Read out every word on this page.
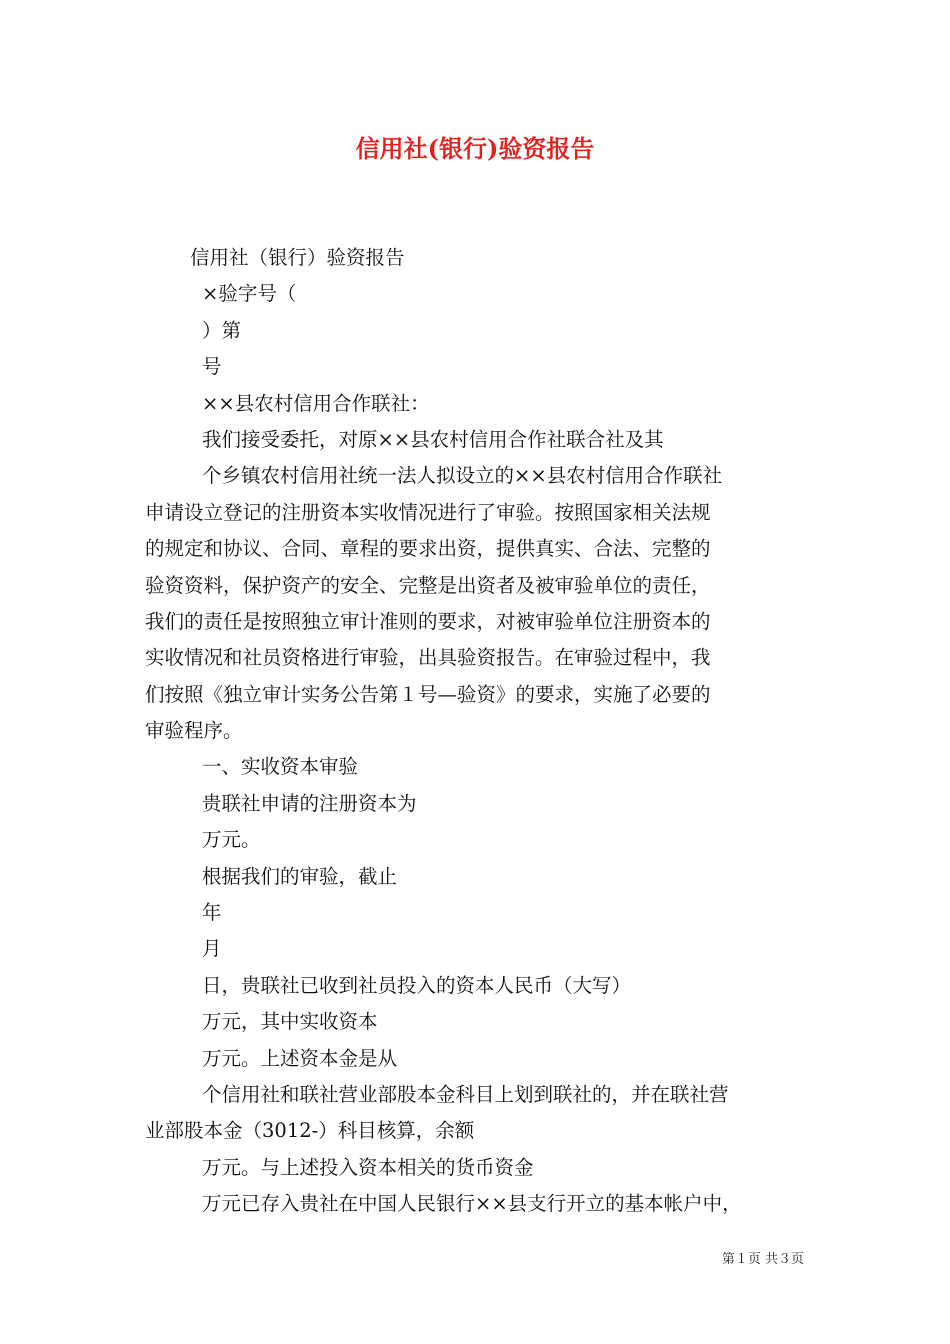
信用社(银行)验资报告
信用社（银行）验资报告
×验字号（
）第
号
××县农村信用合作联社：
我们接受委托，对原××县农村信用合作社联合社及其
个乡镇农村信用社统一法人拟设立的××县农村信用合作联社
申请设立登记的注册资本实收情况进行了审验。按照国家相关法规
的规定和协议、合同、章程的要求出资，提供真实、合法、完整的
验资资料，保护资产的安全、完整是出资者及被审验单位的责任，
我们的责任是按照独立审计准则的要求，对被审验单位注册资本的
实收情况和社员资格进行审验，出具验资报告。在审验过程中，我
们按照《独立审计实务公告第１号—验资》的要求，实施了必要的
审验程序。
一、实收资本审验
贵联社申请的注册资本为
万元。
根据我们的审验，截止
年
月
日，贵联社已收到社员投入的资本人民币（大写）
万元，其中实收资本
万元。上述资本金是从
个信用社和联社营业部股本金科目上划到联社的，并在联社营
业部股本金（3012-）科目核算，余额
万元。与上述投入资本相关的货币资金
万元已存入贵社在中国人民银行××县支行开立的基本帐户中，
第１页 共３页
